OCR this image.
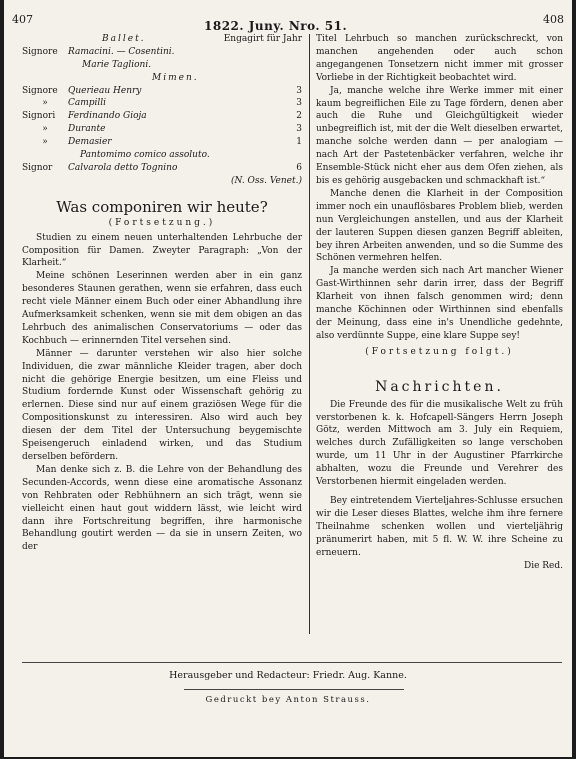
407	1822. Juny. Nro. 51.	408
Ballet.	Engagirt für Jahr
Signore	Ramacini. — Cosentini.
Marie Taglioni.
Mimen.
Signore	Querieau Henry	3
»	Campilli	3
Signori	Ferdinando Gioja	2
»	Durante	3
»	Demasier	1
Pantomimo comico assoluto.
Signor	Calvarola detto Tognino	6
(N. Oss. Venet.)
Was componiren wir heute?
(Fortsetzung.)

Studien zu einem neuen unterhaltenden Lehrbuche der Composition für Damen. Zweyter Paragraph: „Von der Klarheit.“

Meine schönen Leserinnen werden aber in ein ganz besonderes Staunen gerathen, wenn sie erfahren, dass euch recht viele Männer einem Buch oder einer Abhandlung ihre Aufmerksamkeit schenken, wenn sie mit dem obigen an das Lehrbuch des animalischen Conservatoriums — oder das Kochbuch — erinnernden Titel versehen sind.

Männer — darunter verstehen wir also hier solche Individuen, die zwar männliche Kleider tragen, aber doch nicht die gehörige Energie besitzen, um eine Fleiss und Studium fordernde Kunst oder Wissenschaft gehörig zu erlernen. Diese sind nur auf einem graziösen Wege für die Compositionskunst zu interessiren. Also wird auch bey diesen der dem Titel der Untersuchung beygemischte Speisengeruch einladend wirken, und das Studium derselben befördern.

Man denke sich z. B. die Lehre von der Behandlung des Secunden-Accords, wenn diese eine aromatische Assonanz von Rehbraten oder Rebhühnern an sich trägt, wenn sie vielleicht einen haut gout widdern lässt, wie leicht wird dann ihre Fortschreitung begriffen, ihre harmonische Behandlung goutirt werden — da sie in unsern Zeiten, wo der

Titel Lehrbuch so manchen zurückschreckt, von manchen angehenden oder auch schon angegangenen Tonsetzern nicht immer mit grosser Vorliebe in der Richtigkeit beobachtet wird.

Ja, manche welche ihre Werke immer mit einer kaum begreiflichen Eile zu Tage fördern, denen aber auch die Ruhe und Gleichgültigkeit wieder unbegreiflich ist, mit der die Welt dieselben erwartet, manche solche werden dann — per analogiam — nach Art der Pastetenbäcker verfahren, welche ihr Ensemble-Stück nicht eher aus dem Ofen ziehen, als bis es gehörig ausgebacken und schmackhaft ist.“

Manche denen die Klarheit in der Composition immer noch ein unauflösbares Problem blieb, werden nun Vergleichungen anstellen, und aus der Klarheit der lauteren Suppen diesen ganzen Begriff ableiten, bey ihren Arbeiten anwenden, und so die Summe des Schönen vermehren helfen.

Ja manche werden sich nach Art mancher Wiener Gast-Wirthinnen sehr darin irrer, dass der Begriff Klarheit von ihnen falsch genommen wird; denn manche Köchinnen oder Wirthinnen sind ebenfalls der Meinung, dass eine in's Unendliche gedehnte, also verdünnte Suppe, eine klare Suppe sey!

(Fortsetzung folgt.)
Nachrichten.

Die Freunde des für die musikalische Welt zu früh verstorbenen k. k. Hofcapell-Sängers Herrn Joseph Götz, werden Mittwoch am 3. July ein Requiem, welches durch Zufälligkeiten so lange verschoben wurde, um 11 Uhr in der Augustiner Pfarrkirche abhalten, wozu die Freunde und Verehrer des Verstorbenen hiermit eingeladen werden.

Bey eintretendem Vierteljahres-Schlusse ersuchen wir die Leser dieses Blattes, welche ihm ihre fernere Theilnahme schenken wollen und vierteljährig pränumerirt haben, mit 5 fl. W. W. ihre Scheine zu erneuern.

Die Red.
Herausgeber und Redacteur: Friedr. Aug. Kanne.
Gedruckt bey Anton Strauss.
